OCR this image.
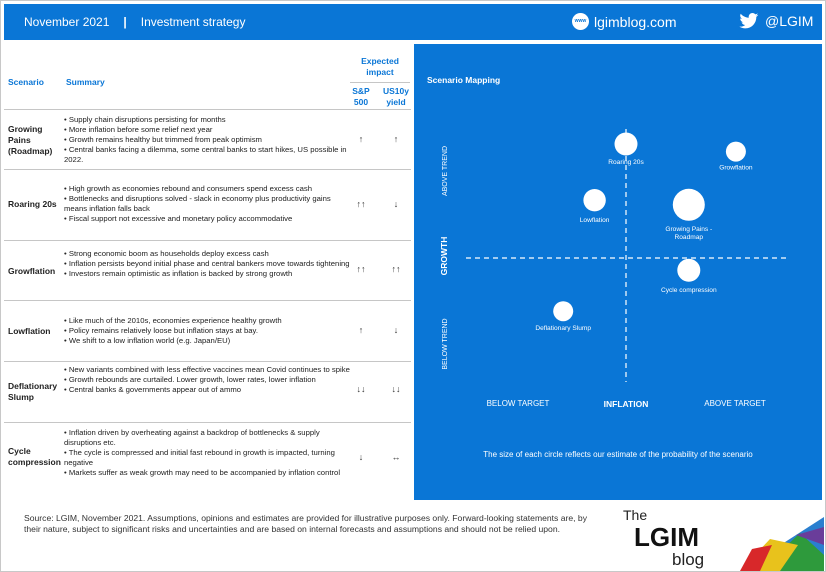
November 2021 | Investment strategy
www	lgimblog.com	@LGIM
Scenario	Summary
Expected impact
S&P 500
US10y yield
Growing Pains (Roadmap)
• Supply chain disruptions persisting for months
• More inflation before some relief next year
• Growth remains healthy but trimmed from peak optimism
• Central banks facing a dilemma, some central banks to start hikes, US possible in 2022.
↑	↑
Roaring 20s
• High growth as economies rebound and consumers spend excess cash
• Bottlenecks and disruptions solved - slack in economy plus productivity gains means inflation falls back
• Fiscal support not excessive and monetary policy accommodative
↑↑	↓
Growflation
• Strong economic boom as households deploy excess cash
• Inflation persists beyond initial phase and central bankers move towards tightening
• Investors remain optimistic as inflation is backed by strong growth	↑↑	↑↑
Lowflation
• Like much of the 2010s, economies experience healthy growth
• Policy remains relatively loose but inflation stays at bay.
• We shift to a low inflation world (e.g. Japan/EU)
↑	↓
Deflationary Slump
• New variants combined with less effective vaccines mean Covid continues to spike
• Growth rebounds are curtailed. Lower growth, lower rates, lower inflation
• Central banks & governments appear out of ammo	↓↓	↓↓
Cycle compression
• Inflation driven by overheating against a backdrop of bottlenecks & supply disruptions etc.
• The cycle is compressed and initial fast rebound in growth is impacted, turning negative
• Markets suffer as weak growth may need to be accompanied by inflation control
↓	↔
Scenario Mapping
ABOVE TREND
GROWTH
BELOW TREND
BELOW TARGET	INFLATION	ABOVE TARGET
Roaring 20s
Growflation
Lowflation
Growing Pains -Roadmap
Cycle compression
Deflationary Slump
The size of each circle reflects our estimate of the probability of the scenario
Source: LGIM, November 2021. Assumptions, opinions and estimates are provided for illustrative purposes only. Forward-looking statements are, by their nature, subject to significant risks and uncertainties and are based on internal forecasts and assumptions and should not be relied upon.
The
LGIM
blog
